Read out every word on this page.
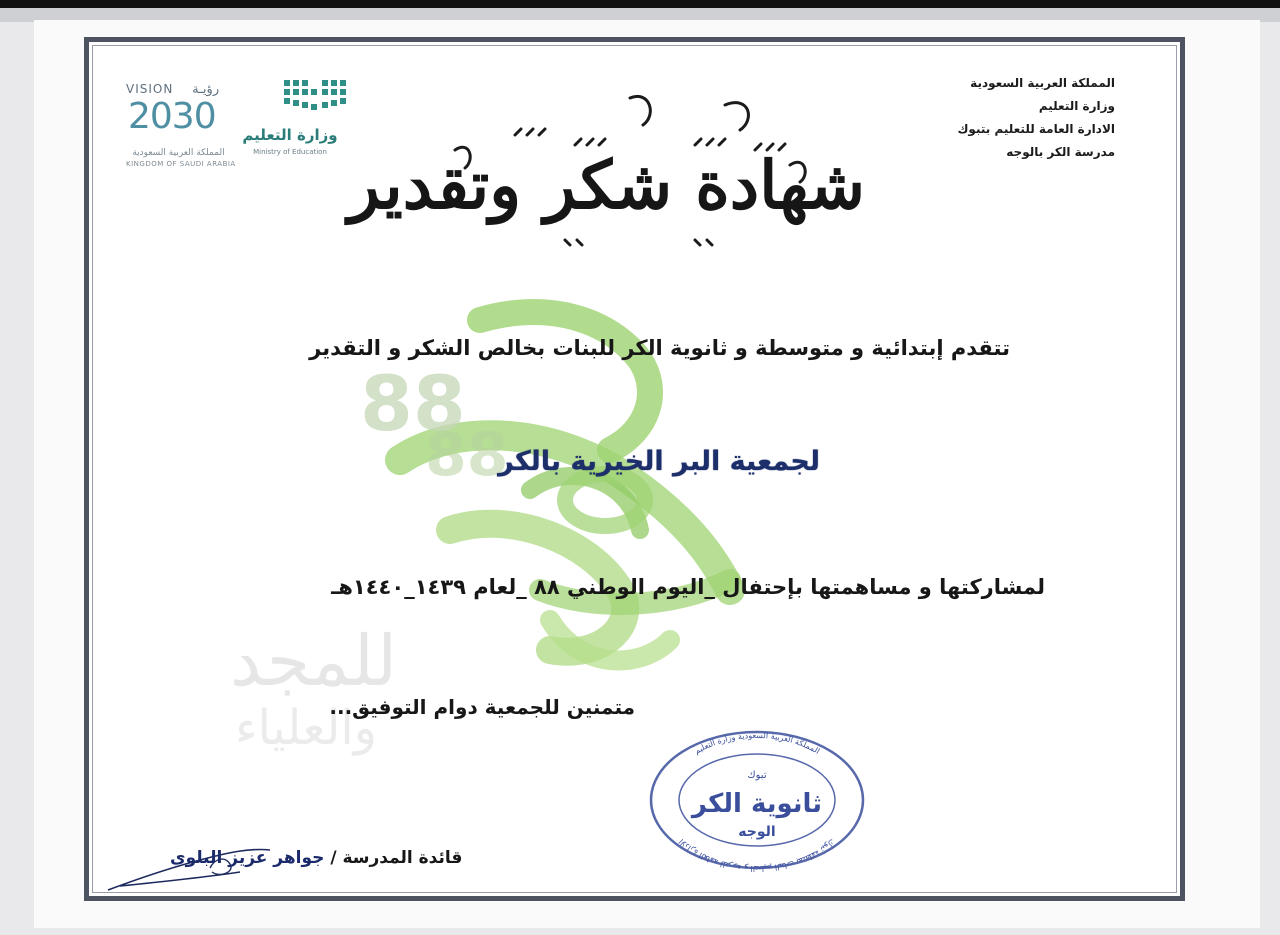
88
88
للمجد
والعلياء
المملكة العربية السعودية
وزارة التعليم
الادارة العامة للتعليم بتبوك
مدرسة الكر بالوجه
وزارة التعليم
Ministry of Education
VISION رؤيـة
2030
المملكة العربية السعودية
KINGDOM OF SAUDI ARABIA شهادة شكر وتقدير
تتقدم إبتدائية و متوسطة و ثانوية الكر للبنات بخالص الشكر و التقدير
لجمعية البر الخيرية بالكر
لمشاركتها و مساهمتها بإحتفال _اليوم الوطني ٨٨ _لعام ١٤٣٩_١٤٤٠هـ
متمنين للجمعية دوام التوفيق...
المملكة العربية السعودية وزارة التعليم
الادارة العامة للتربية و التعليم البنات بمنطقة تبوك
تبوك
ثانوية الكر
الوجه
قائدة المدرسة / جواهر عزيز البلوي
